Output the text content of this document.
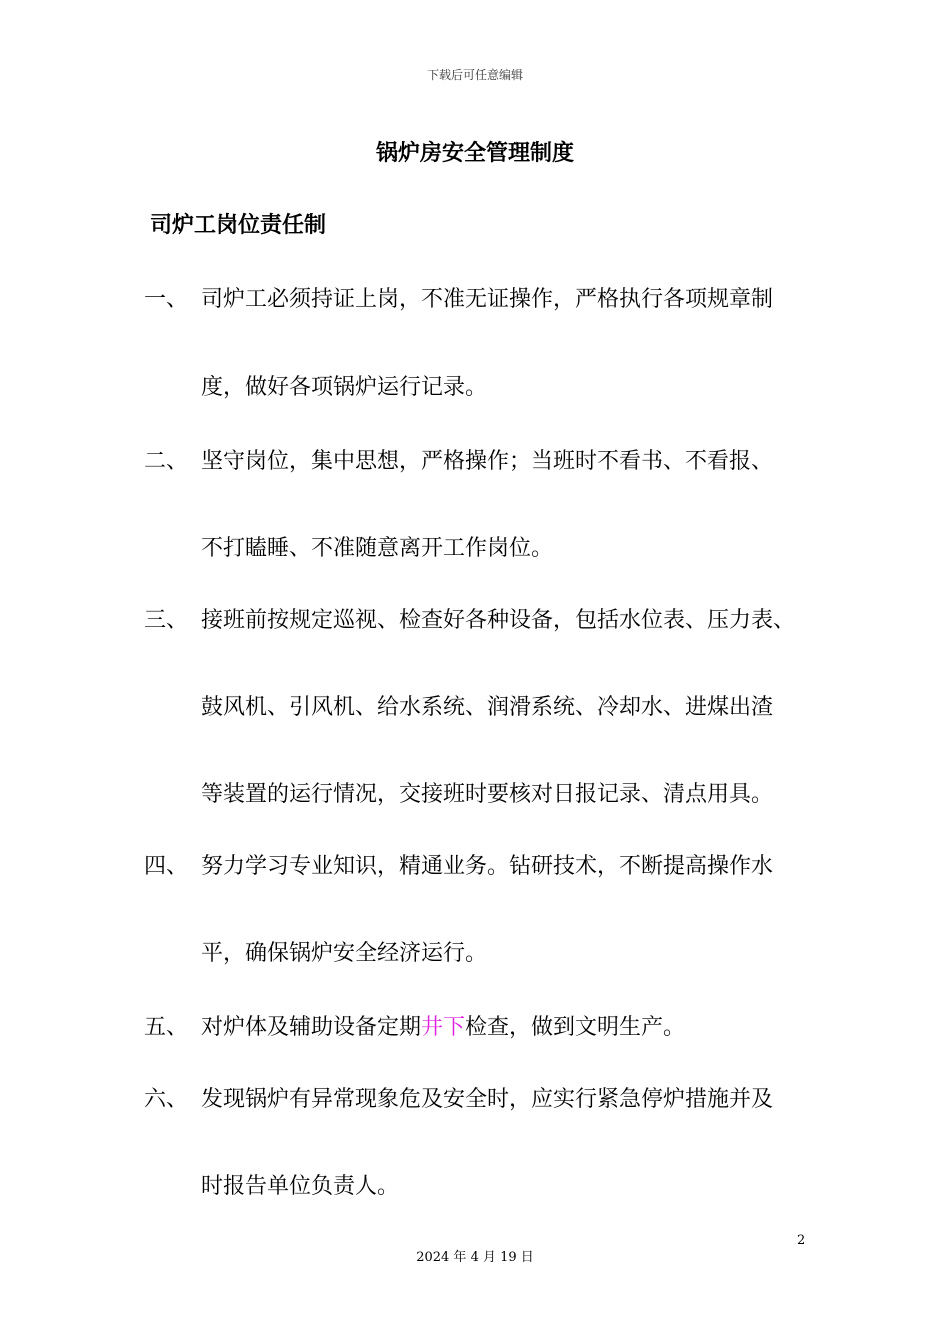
下载后可任意编辑
锅炉房安全管理制度
司炉工岗位责任制
一、 司炉工必须持证上岗，不准无证操作，严格执行各项规章制
度，做好各项锅炉运行记录。
二、 坚守岗位，集中思想，严格操作；当班时不看书、不看报、
不打瞌睡、不准随意离开工作岗位。
三、 接班前按规定巡视、检查好各种设备，包括水位表、压力表、
鼓风机、引风机、给水系统、润滑系统、冷却水、进煤出渣
等装置的运行情况，交接班时要核对日报记录、清点用具。
四、 努力学习专业知识，精通业务。钻研技术，不断提高操作水
平，确保锅炉安全经济运行。
五、 对炉体及辅助设备定期井下检查，做到文明生产。
六、 发现锅炉有异常现象危及安全时，应实行紧急停炉措施并及
时报告单位负责人。
2
2024 年 4 月 19 日
